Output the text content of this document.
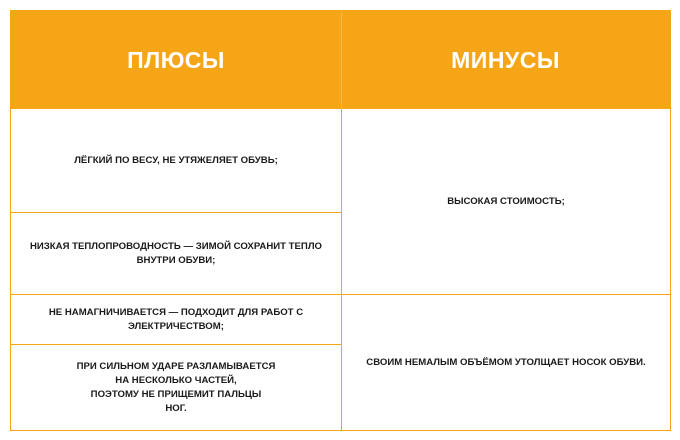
ПЛЮСЫ	МИНУСЫ
ЛЁГКИЙ ПО ВЕСУ, НЕ УТЯЖЕЛЯЕТ ОБУВЬ;
НИЗКАЯ ТЕПЛОПРОВОДНОСТЬ — ЗИМОЙ СОХРАНИТ ТЕПЛО
ВНУТРИ ОБУВИ;
НЕ НАМАГНИЧИВАЕТСЯ — ПОДХОДИТ ДЛЯ РАБОТ С
ЭЛЕКТРИЧЕСТВОМ;
ПРИ СИЛЬНОМ УДАРЕ РАЗЛАМЫВАЕТСЯ
НА НЕСКОЛЬКО ЧАСТЕЙ,
ПОЭТОМУ НЕ ПРИЩЕМИТ ПАЛЬЦЫ
НОГ.
ВЫСОКАЯ СТОИМОСТЬ;
СВОИМ НЕМАЛЫМ ОБЪЁМОМ УТОЛЩАЕТ НОСОК ОБУВИ.
